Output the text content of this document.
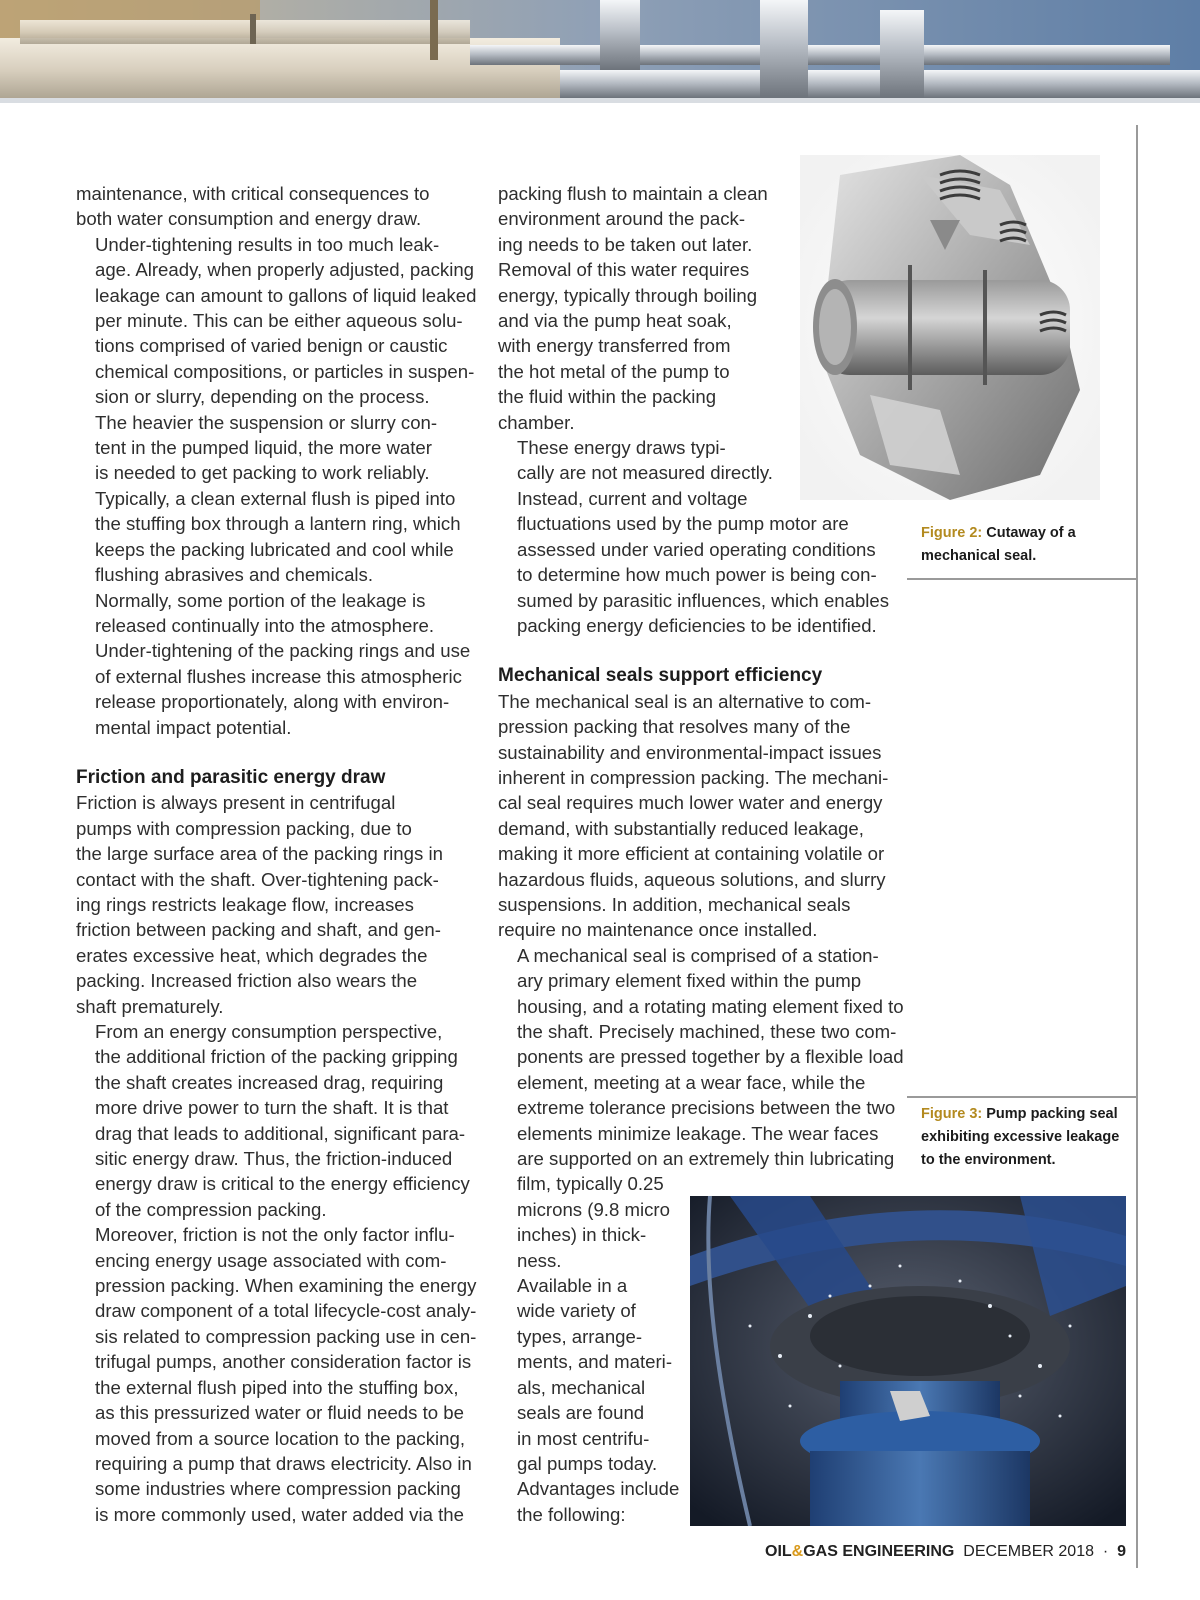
maintenance, with critical consequences to
both water consumption and energy draw.

Under-tightening results in too much leak-
age. Already, when properly adjusted, packing
leakage can amount to gallons of liquid leaked
per minute. This can be either aqueous solu-
tions comprised of varied benign or caustic
chemical compositions, or particles in suspen-
sion or slurry, depending on the process.

The heavier the suspension or slurry con-
tent in the pumped liquid, the more water
is needed to get packing to work reliably.
Typically, a clean external flush is piped into
the stuffing box through a lantern ring, which
keeps the packing lubricated and cool while
flushing abrasives and chemicals.

Normally, some portion of the leakage is
released continually into the atmosphere.
Under-tightening of the packing rings and use
of external flushes increase this atmospheric
release proportionately, along with environ-
mental impact potential.

Friction and parasitic energy draw

Friction is always present in centrifugal
pumps with compression packing, due to
the large surface area of the packing rings in
contact with the shaft. Over-tightening pack-
ing rings restricts leakage flow, increases
friction between packing and shaft, and gen-
erates excessive heat, which degrades the
packing. Increased friction also wears the
shaft prematurely.

From an energy consumption perspective,
the additional friction of the packing gripping
the shaft creates increased drag, requiring
more drive power to turn the shaft. It is that
drag that leads to additional, significant para-
sitic energy draw. Thus, the friction-induced
energy draw is critical to the energy efficiency
of the compression packing.

Moreover, friction is not the only factor influ-
encing energy usage associated with com-
pression packing. When examining the energy
draw component of a total lifecycle-cost analy-
sis related to compression packing use in cen-
trifugal pumps, another consideration factor is
the external flush piped into the stuffing box,
as this pressurized water or fluid needs to be
moved from a source location to the packing,
requiring a pump that draws electricity. Also in
some industries where compression packing
is more commonly used, water added via the

packing flush to maintain a clean
environment around the pack-
ing needs to be taken out later.
Removal of this water requires
energy, typically through boiling
and via the pump heat soak,
with energy transferred from
the hot metal of the pump to
the fluid within the packing
chamber.

These energy draws typi-
cally are not measured directly.
Instead, current and voltage
fluctuations used by the pump motor are
assessed under varied operating conditions
to determine how much power is being con-
sumed by parasitic influences, which enables
packing energy deficiencies to be identified.

Mechanical seals support efficiency

The mechanical seal is an alternative to com-
pression packing that resolves many of the
sustainability and environmental-impact issues
inherent in compression packing. The mechani-
cal seal requires much lower water and energy
demand, with substantially reduced leakage,
making it more efficient at containing volatile or
hazardous fluids, aqueous solutions, and slurry
suspensions. In addition, mechanical seals
require no maintenance once installed.

A mechanical seal is comprised of a station-
ary primary element fixed within the pump
housing, and a rotating mating element fixed to
the shaft. Precisely machined, these two com-
ponents are pressed together by a flexible load
element, meeting at a wear face, while the
extreme tolerance precisions between the two
elements minimize leakage. The wear faces
are supported on an extremely thin lubricating
film, typically 0.25
microns (9.8 micro
inches) in thick-
ness.

Available in a
wide variety of
types, arrange-
ments, and materi-
als, mechanical
seals are found
in most centrifu-
gal pumps today.
Advantages include
the following:

Figure 2: Cutaway of a
mechanical seal.
Figure 3: Pump packing seal
exhibiting excessive leakage
to the environment.
OIL&GAS ENGINEERING DECEMBER 2018 · 9
